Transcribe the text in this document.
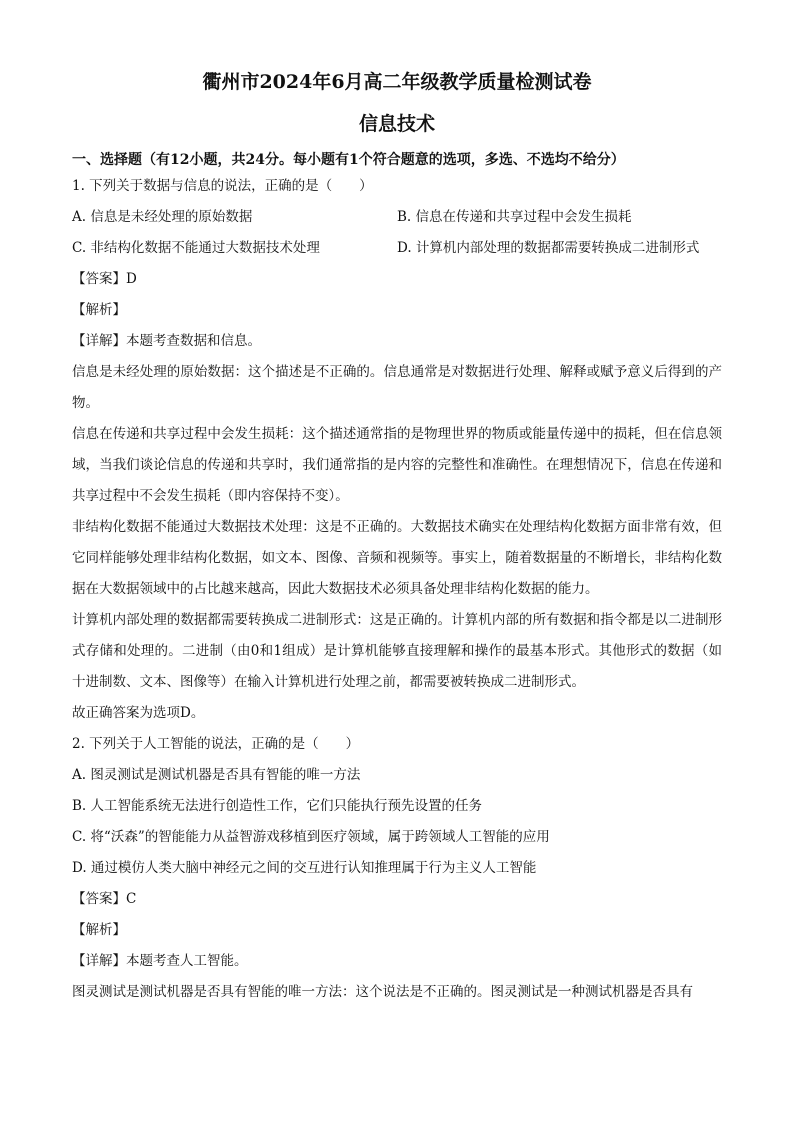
衢州市2024年6月高二年级教学质量检测试卷
信息技术
一、选择题（有12小题，共24分。每小题有1个符合题意的选项，多选、不选均不给分）
1. 下列关于数据与信息的说法，正确的是（　　）
A. 信息是未经处理的原始数据	B. 信息在传递和共享过程中会发生损耗
C. 非结构化数据不能通过大数据技术处理	D. 计算机内部处理的数据都需要转换成二进制形式
【答案】D
【解析】
【详解】本题考查数据和信息。
信息是未经处理的原始数据：这个描述是不正确的。信息通常是对数据进行处理、解释或赋予意义后得到的产物。
信息在传递和共享过程中会发生损耗：这个描述通常指的是物理世界的物质或能量传递中的损耗，但在信息领域，当我们谈论信息的传递和共享时，我们通常指的是内容的完整性和准确性。在理想情况下，信息在传递和共享过程中不会发生损耗（即内容保持不变）。
非结构化数据不能通过大数据技术处理：这是不正确的。大数据技术确实在处理结构化数据方面非常有效，但它同样能够处理非结构化数据，如文本、图像、音频和视频等。事实上，随着数据量的不断增长，非结构化数据在大数据领域中的占比越来越高，因此大数据技术必须具备处理非结构化数据的能力。
计算机内部处理的数据都需要转换成二进制形式：这是正确的。计算机内部的所有数据和指令都是以二进制形式存储和处理的。二进制（由0和1组成）是计算机能够直接理解和操作的最基本形式。其他形式的数据（如十进制数、文本、图像等）在输入计算机进行处理之前，都需要被转换成二进制形式。
故正确答案为选项D。
2. 下列关于人工智能的说法，正确的是（　　）
A. 图灵测试是测试机器是否具有智能的唯一方法
B. 人工智能系统无法进行创造性工作，它们只能执行预先设置的任务
C. 将“沃森”的智能能力从益智游戏移植到医疗领域，属于跨领域人工智能的应用
D. 通过模仿人类大脑中神经元之间的交互进行认知推理属于行为主义人工智能
【答案】C
【解析】
【详解】本题考查人工智能。
图灵测试是测试机器是否具有智能的唯一方法：这个说法是不正确的。图灵测试是一种测试机器是否具有
